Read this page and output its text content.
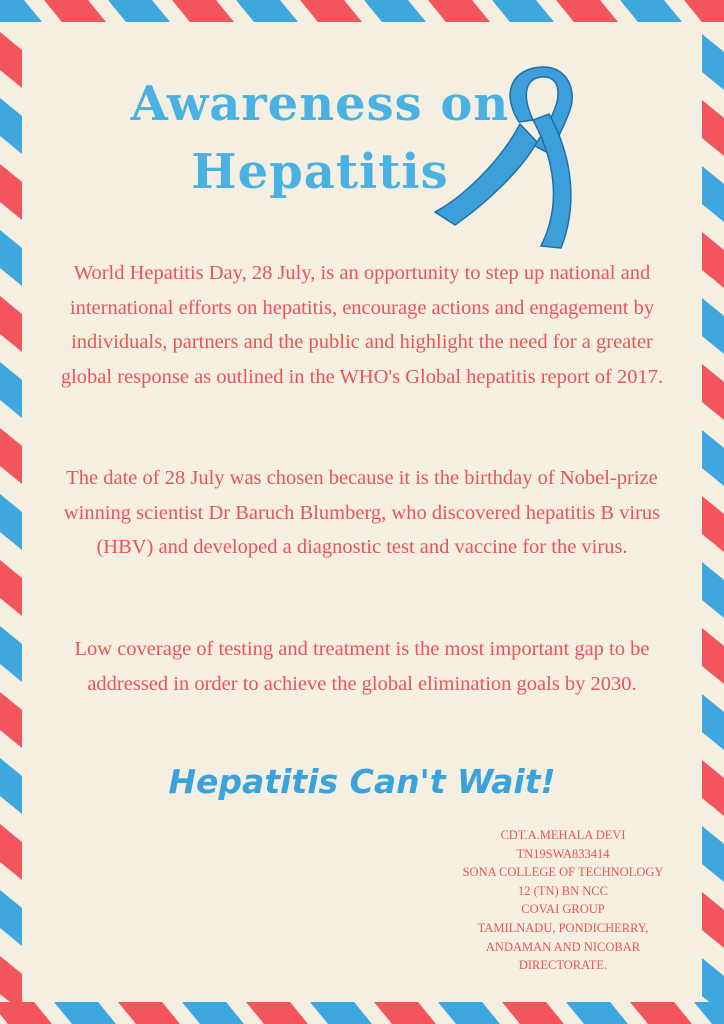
Awareness on
Hepatitis

World Hepatitis Day, 28 July, is an opportunity to step up national and international efforts on hepatitis, encourage actions and engagement by individuals, partners and the public and highlight the need for a greater global response as outlined in the WHO's Global hepatitis report of 2017.

The date of 28 July was chosen because it is the birthday of Nobel-prize winning scientist Dr Baruch Blumberg, who discovered hepatitis B virus (HBV) and developed a diagnostic test and vaccine for the virus.

Low coverage of testing and treatment is the most important gap to be addressed in order to achieve the global elimination goals by 2030.

Hepatitis Can't Wait!
CDT.A.MEHALA DEVI
TN19SWA833414
SONA COLLEGE OF TECHNOLOGY
12 (TN) BN NCC
COVAI GROUP
TAMILNADU, PONDICHERRY,
ANDAMAN AND NICOBAR
DIRECTORATE.
